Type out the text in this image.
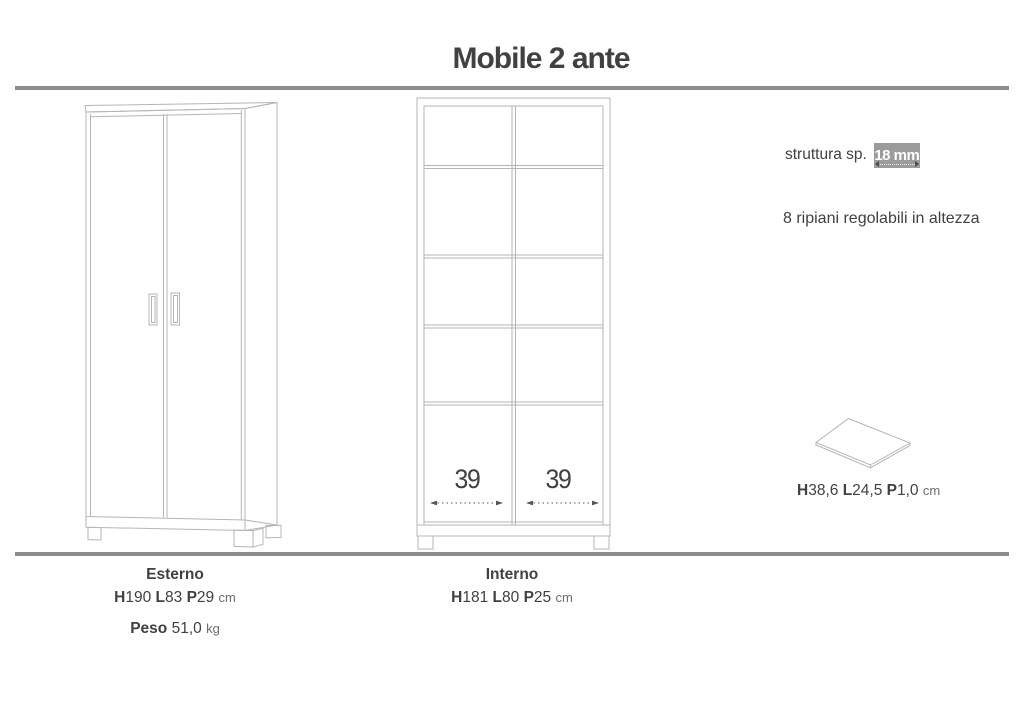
Mobile 2 ante
struttura sp. 18 mm
8 ripiani regolabili in altezza
39	39	H38,6 L24,5 P1,0 cm
Esterno
H190 L83 P29 cm
Peso 51,0 kg
Interno
H181 L80 P25 cm
